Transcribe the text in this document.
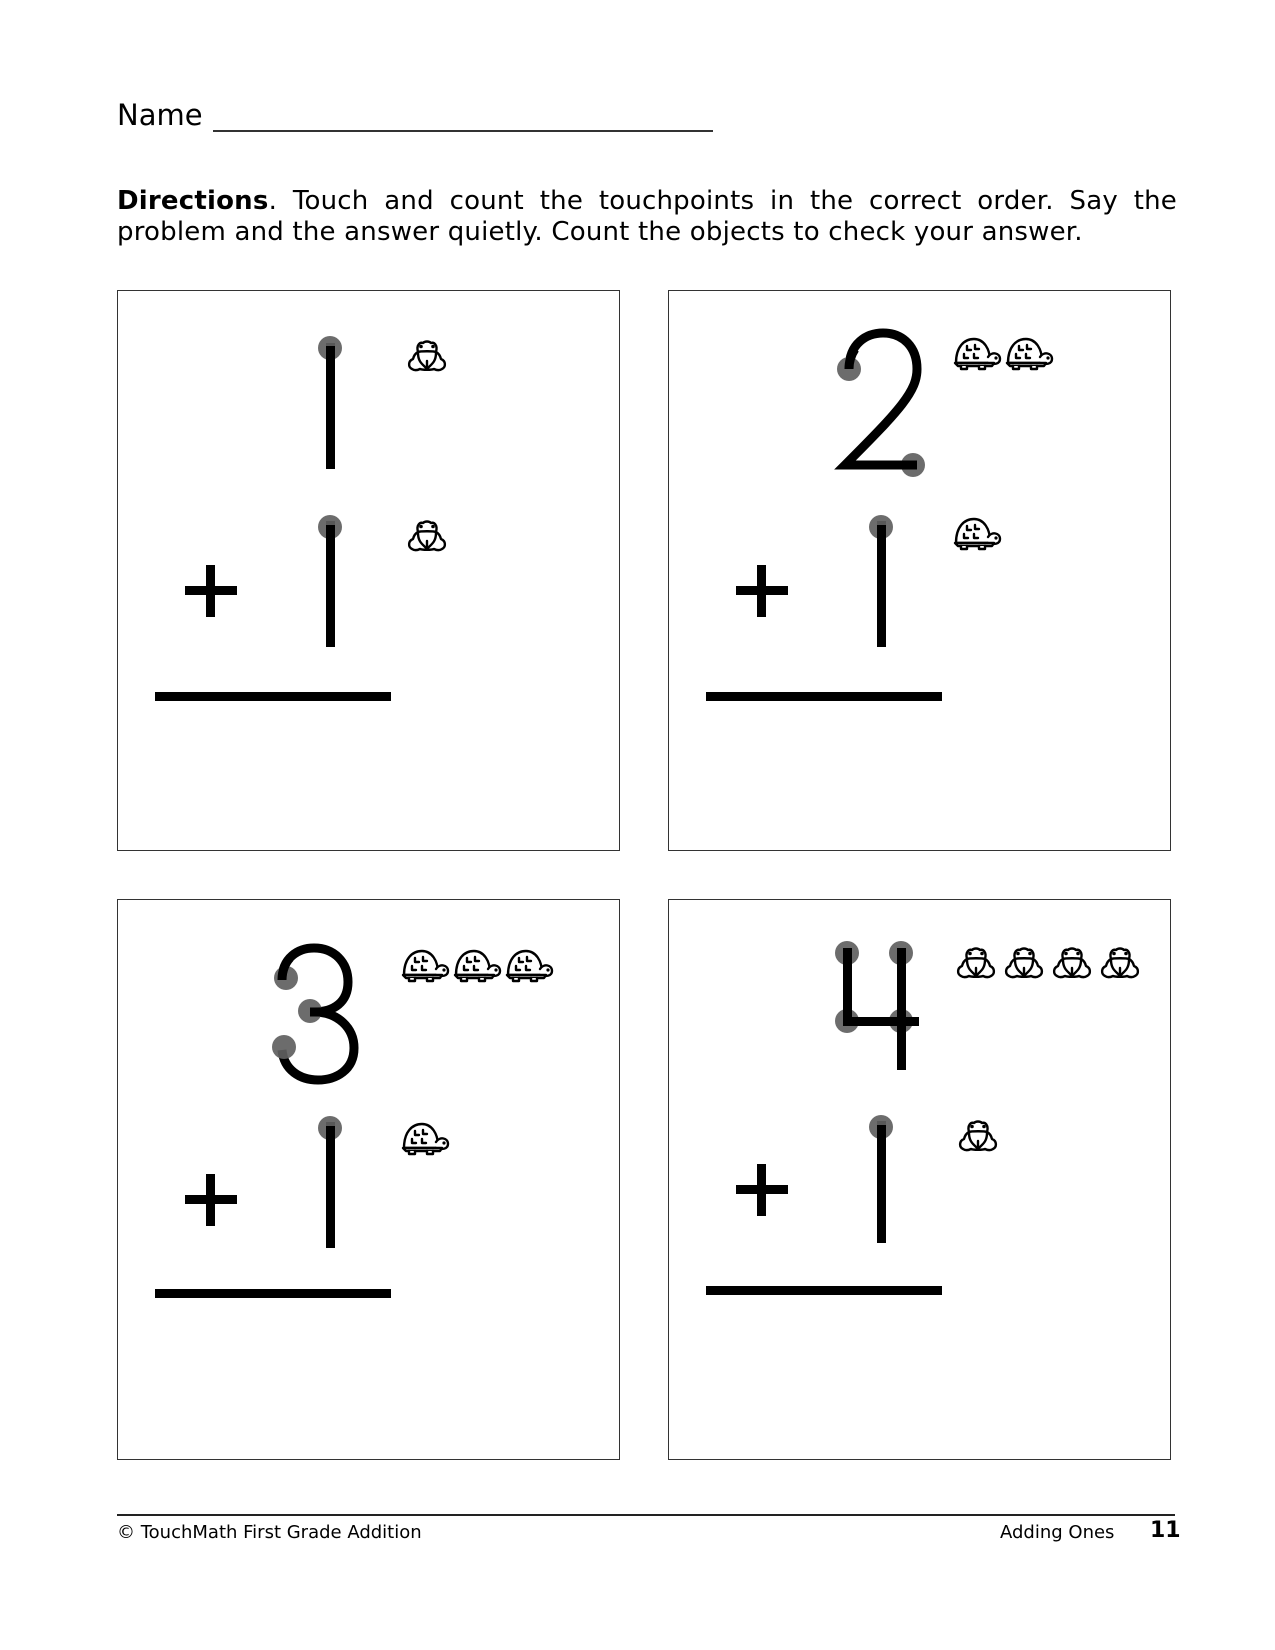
Name
Directions. Touch and count the touchpoints in the correct order. Say the problem and the answer quietly. Count the objects to check your answer.
© TouchMath First Grade Addition	Adding Ones 11
